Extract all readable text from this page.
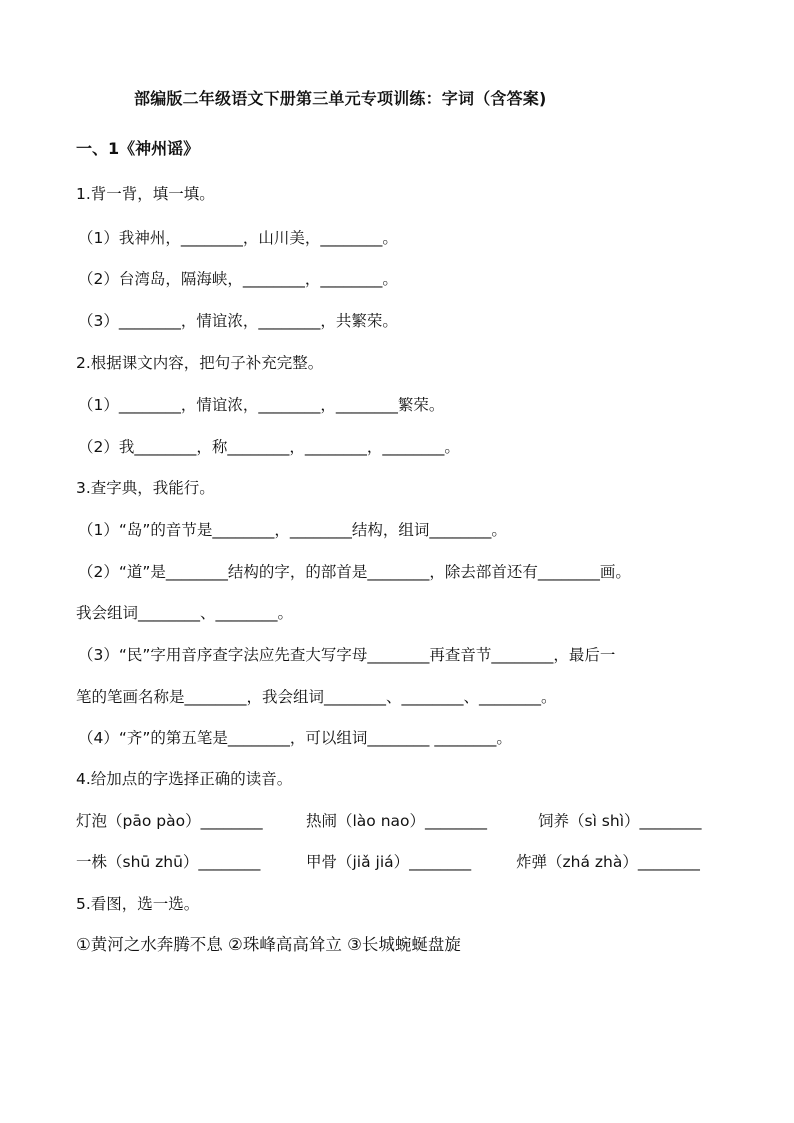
部编版二年级语文下册第三单元专项训练：字词（含答案)
一、1《神州谣》
1.背一背，填一填。
（1）我神州，________，山川美，________。
（2）台湾岛，隔海峡，________，________。
（3）________，情谊浓，________，共繁荣。
2.根据课文内容，把句子补充完整。
（1）________，情谊浓，________，________繁荣。
（2）我________，称________，________，________。
3.查字典，我能行。
（1）“岛”的音节是________，________结构，组词________。
（2）“道”是________结构的字，的部首是________，除去部首还有________画。
我会组词________、________。
（3）“民”字用音序查字法应先查大写字母________再查音节________，最后一
笔的笔画名称是________，我会组词________、________、________。
（4）“齐”的第五笔是________，可以组词________ ________。
4.给加点的字选择正确的读音。
灯泡（pāo pào）________	热闹（lào nao）________	饲养（sì shì）________
一株（shū zhū）________	甲骨（jiǎ jiá）________	炸弹（zhá zhà）________
5.看图，选一选。
①黄河之水奔腾不息 ②珠峰高高耸立 ③长城蜿蜒盘旋
